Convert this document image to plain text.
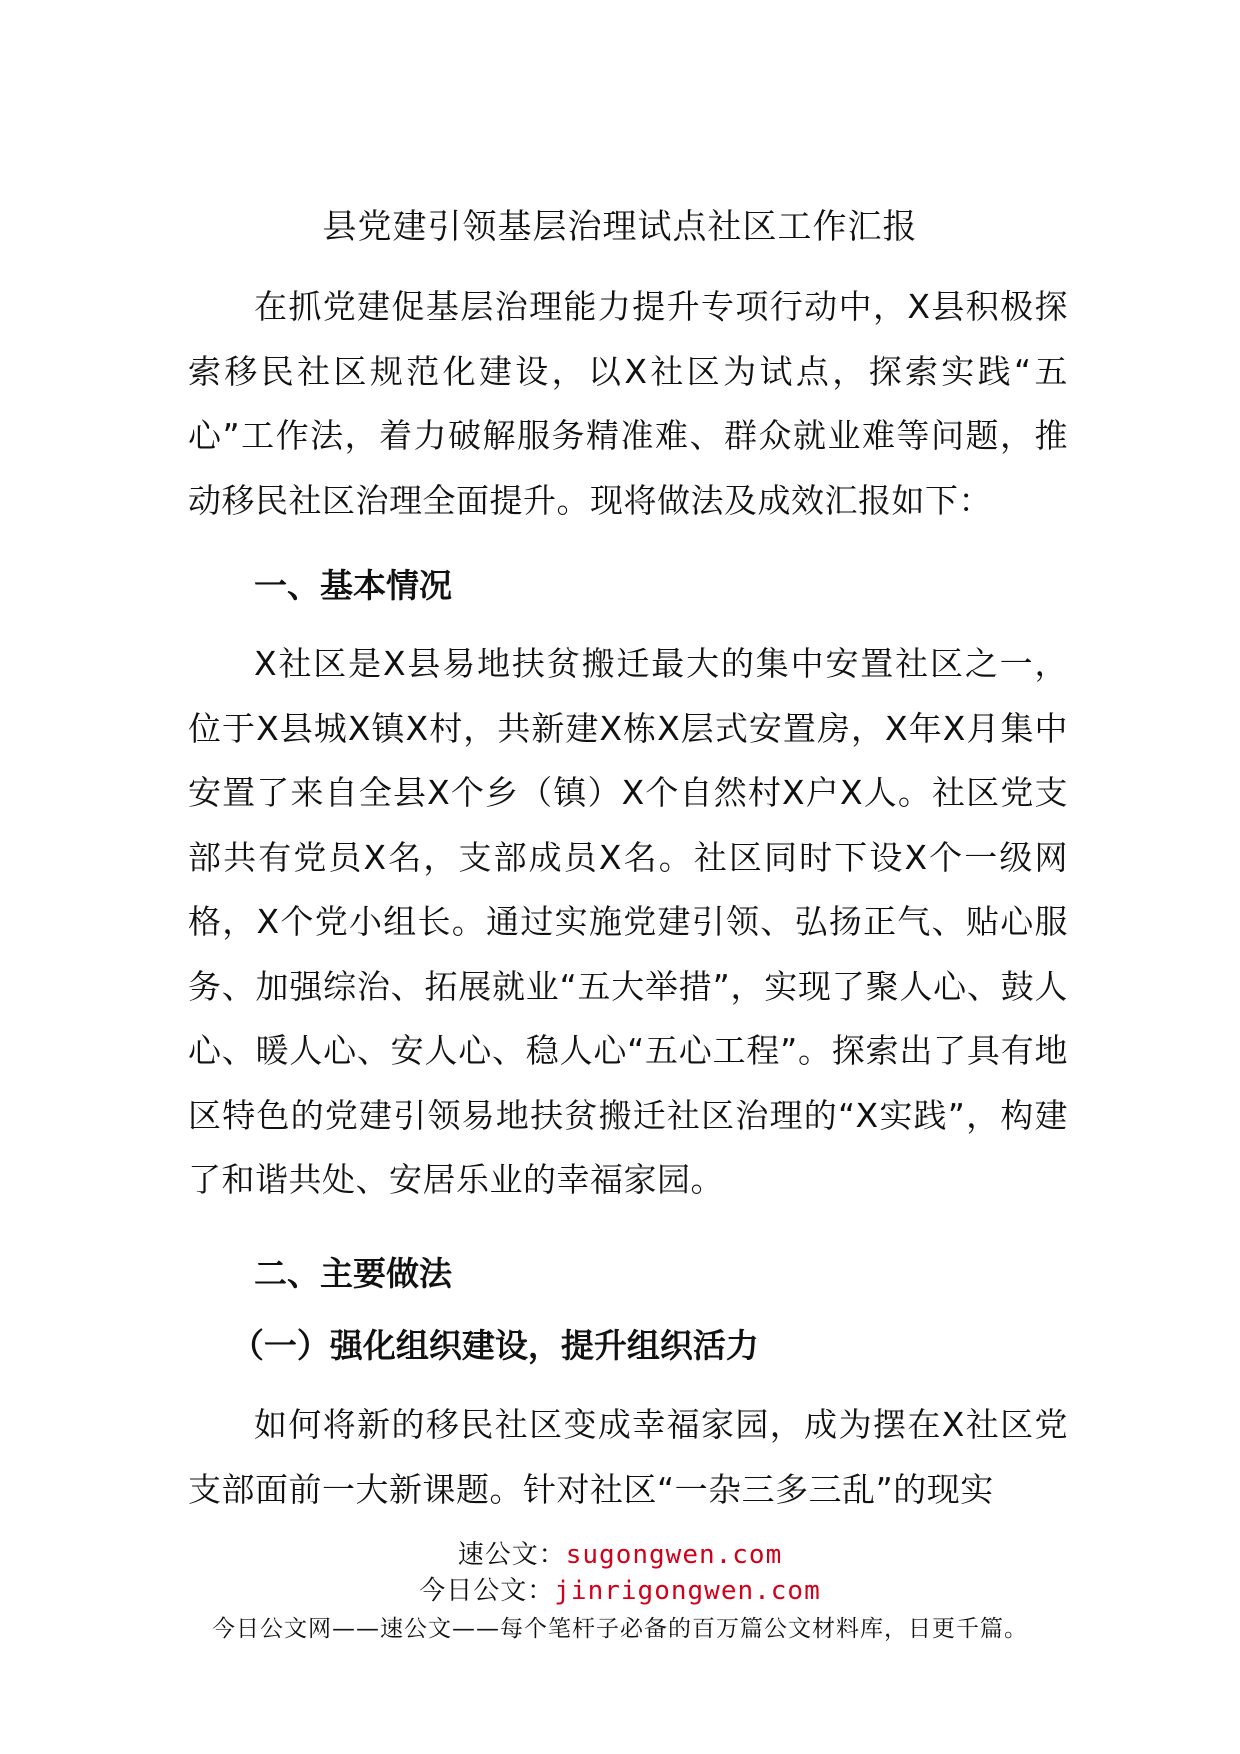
县党建引领基层治理试点社区工作汇报

在抓党建促基层治理能力提升专项行动中，X县积极探索移民社区规范化建设，以X社区为试点，探索实践“五心”工作法，着力破解服务精准难、群众就业难等问题，推动移民社区治理全面提升。现将做法及成效汇报如下：

一、基本情况

X社区是X县易地扶贫搬迁最大的集中安置社区之一，位于X县城X镇X村，共新建X栋X层式安置房，X年X月集中安置了来自全县X个乡（镇）X个自然村X户X人。社区党支部共有党员X名，支部成员X名。社区同时下设X个一级网格，X个党小组长。通过实施党建引领、弘扬正气、贴心服务、加强综治、拓展就业“五大举措”，实现了聚人心、鼓人心、暖人心、安人心、稳人心“五心工程”。探索出了具有地区特色的党建引领易地扶贫搬迁社区治理的“X实践”，构建了和谐共处、安居乐业的幸福家园。

二、主要做法
（一）强化组织建设，提升组织活力

如何将新的移民社区变成幸福家园，成为摆在X社区党支部面前一大新课题。针对社区“一杂三多三乱”的现实

速公文：sugongwen.com
今日公文：jinrigongwen.com
今日公文网——速公文——每个笔杆子必备的百万篇公文材料库，日更千篇。
